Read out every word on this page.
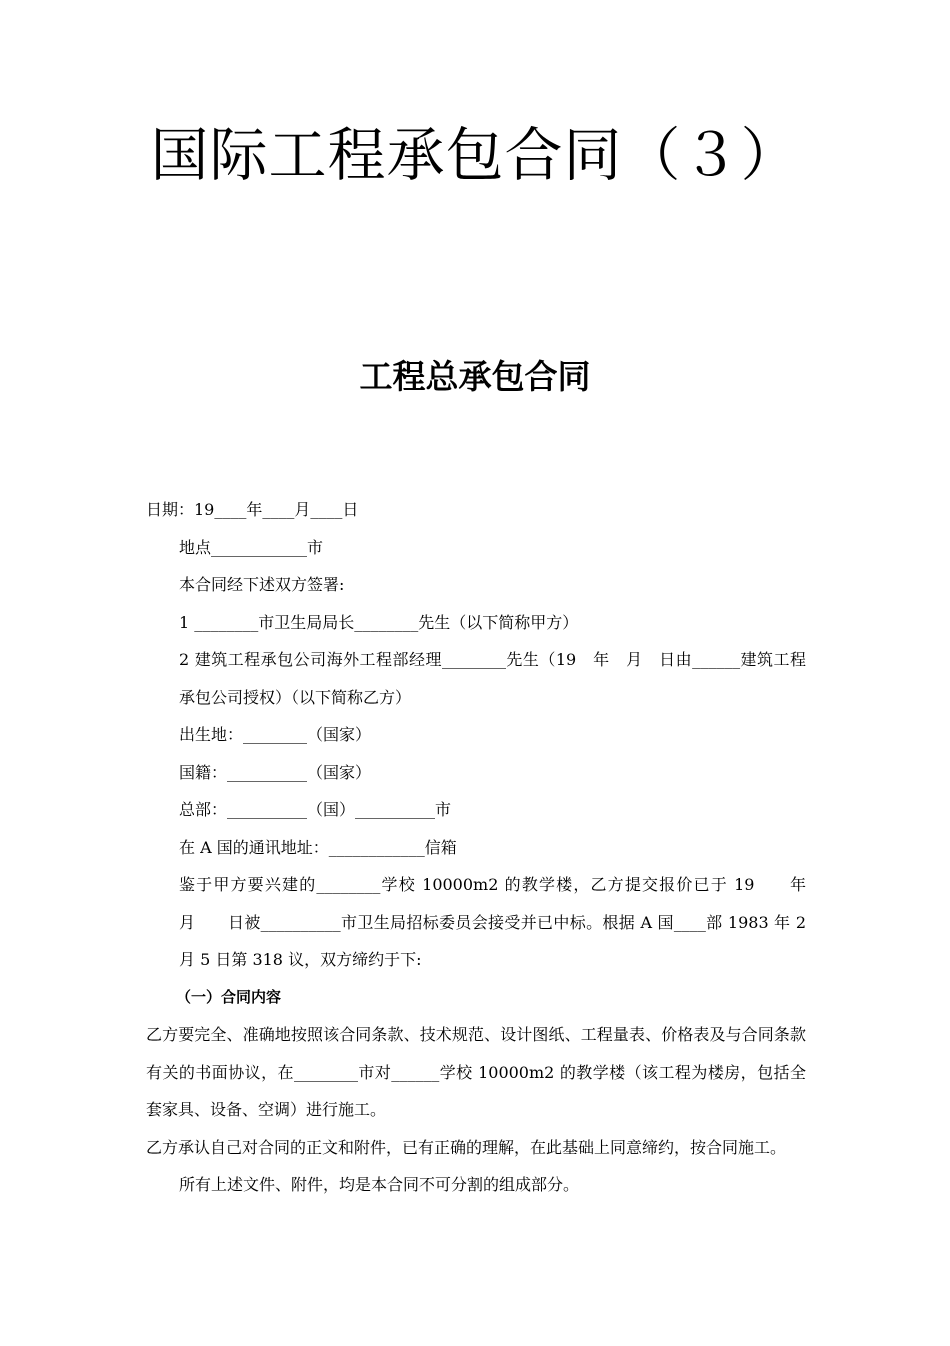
国际工程承包合同（３）
工程总承包合同

日期：19____年____月____日

地点____________市

本合同经下述双方签署:

1 ________市卫生局局长________先生（以下简称甲方）

2 建筑工程承包公司海外工程部经理________先生（19　年　月　日由______建筑工程承包公司授权）（以下简称乙方）

出生地：________（国家）

国籍：__________（国家）

总部：__________（国）__________市

在 A 国的通讯地址：____________信箱

鉴于甲方要兴建的________学校 10000m2 的教学楼，乙方提交报价已于 19　　年　　月　　日被__________市卫生局招标委员会接受并已中标。根据 A 国____部 1983 年 2 月 5 日第 318 议，双方缔约于下:

（一）合同内容

乙方要完全、准确地按照该合同条款、技术规范、设计图纸、工程量表、价格表及与合同条款有关的书面协议，在________市对______学校 10000m2 的教学楼（该工程为楼房，包括全套家具、设备、空调）进行施工。

乙方承认自己对合同的正文和附件，已有正确的理解，在此基础上同意缔约，按合同施工。

所有上述文件、附件，均是本合同不可分割的组成部分。
